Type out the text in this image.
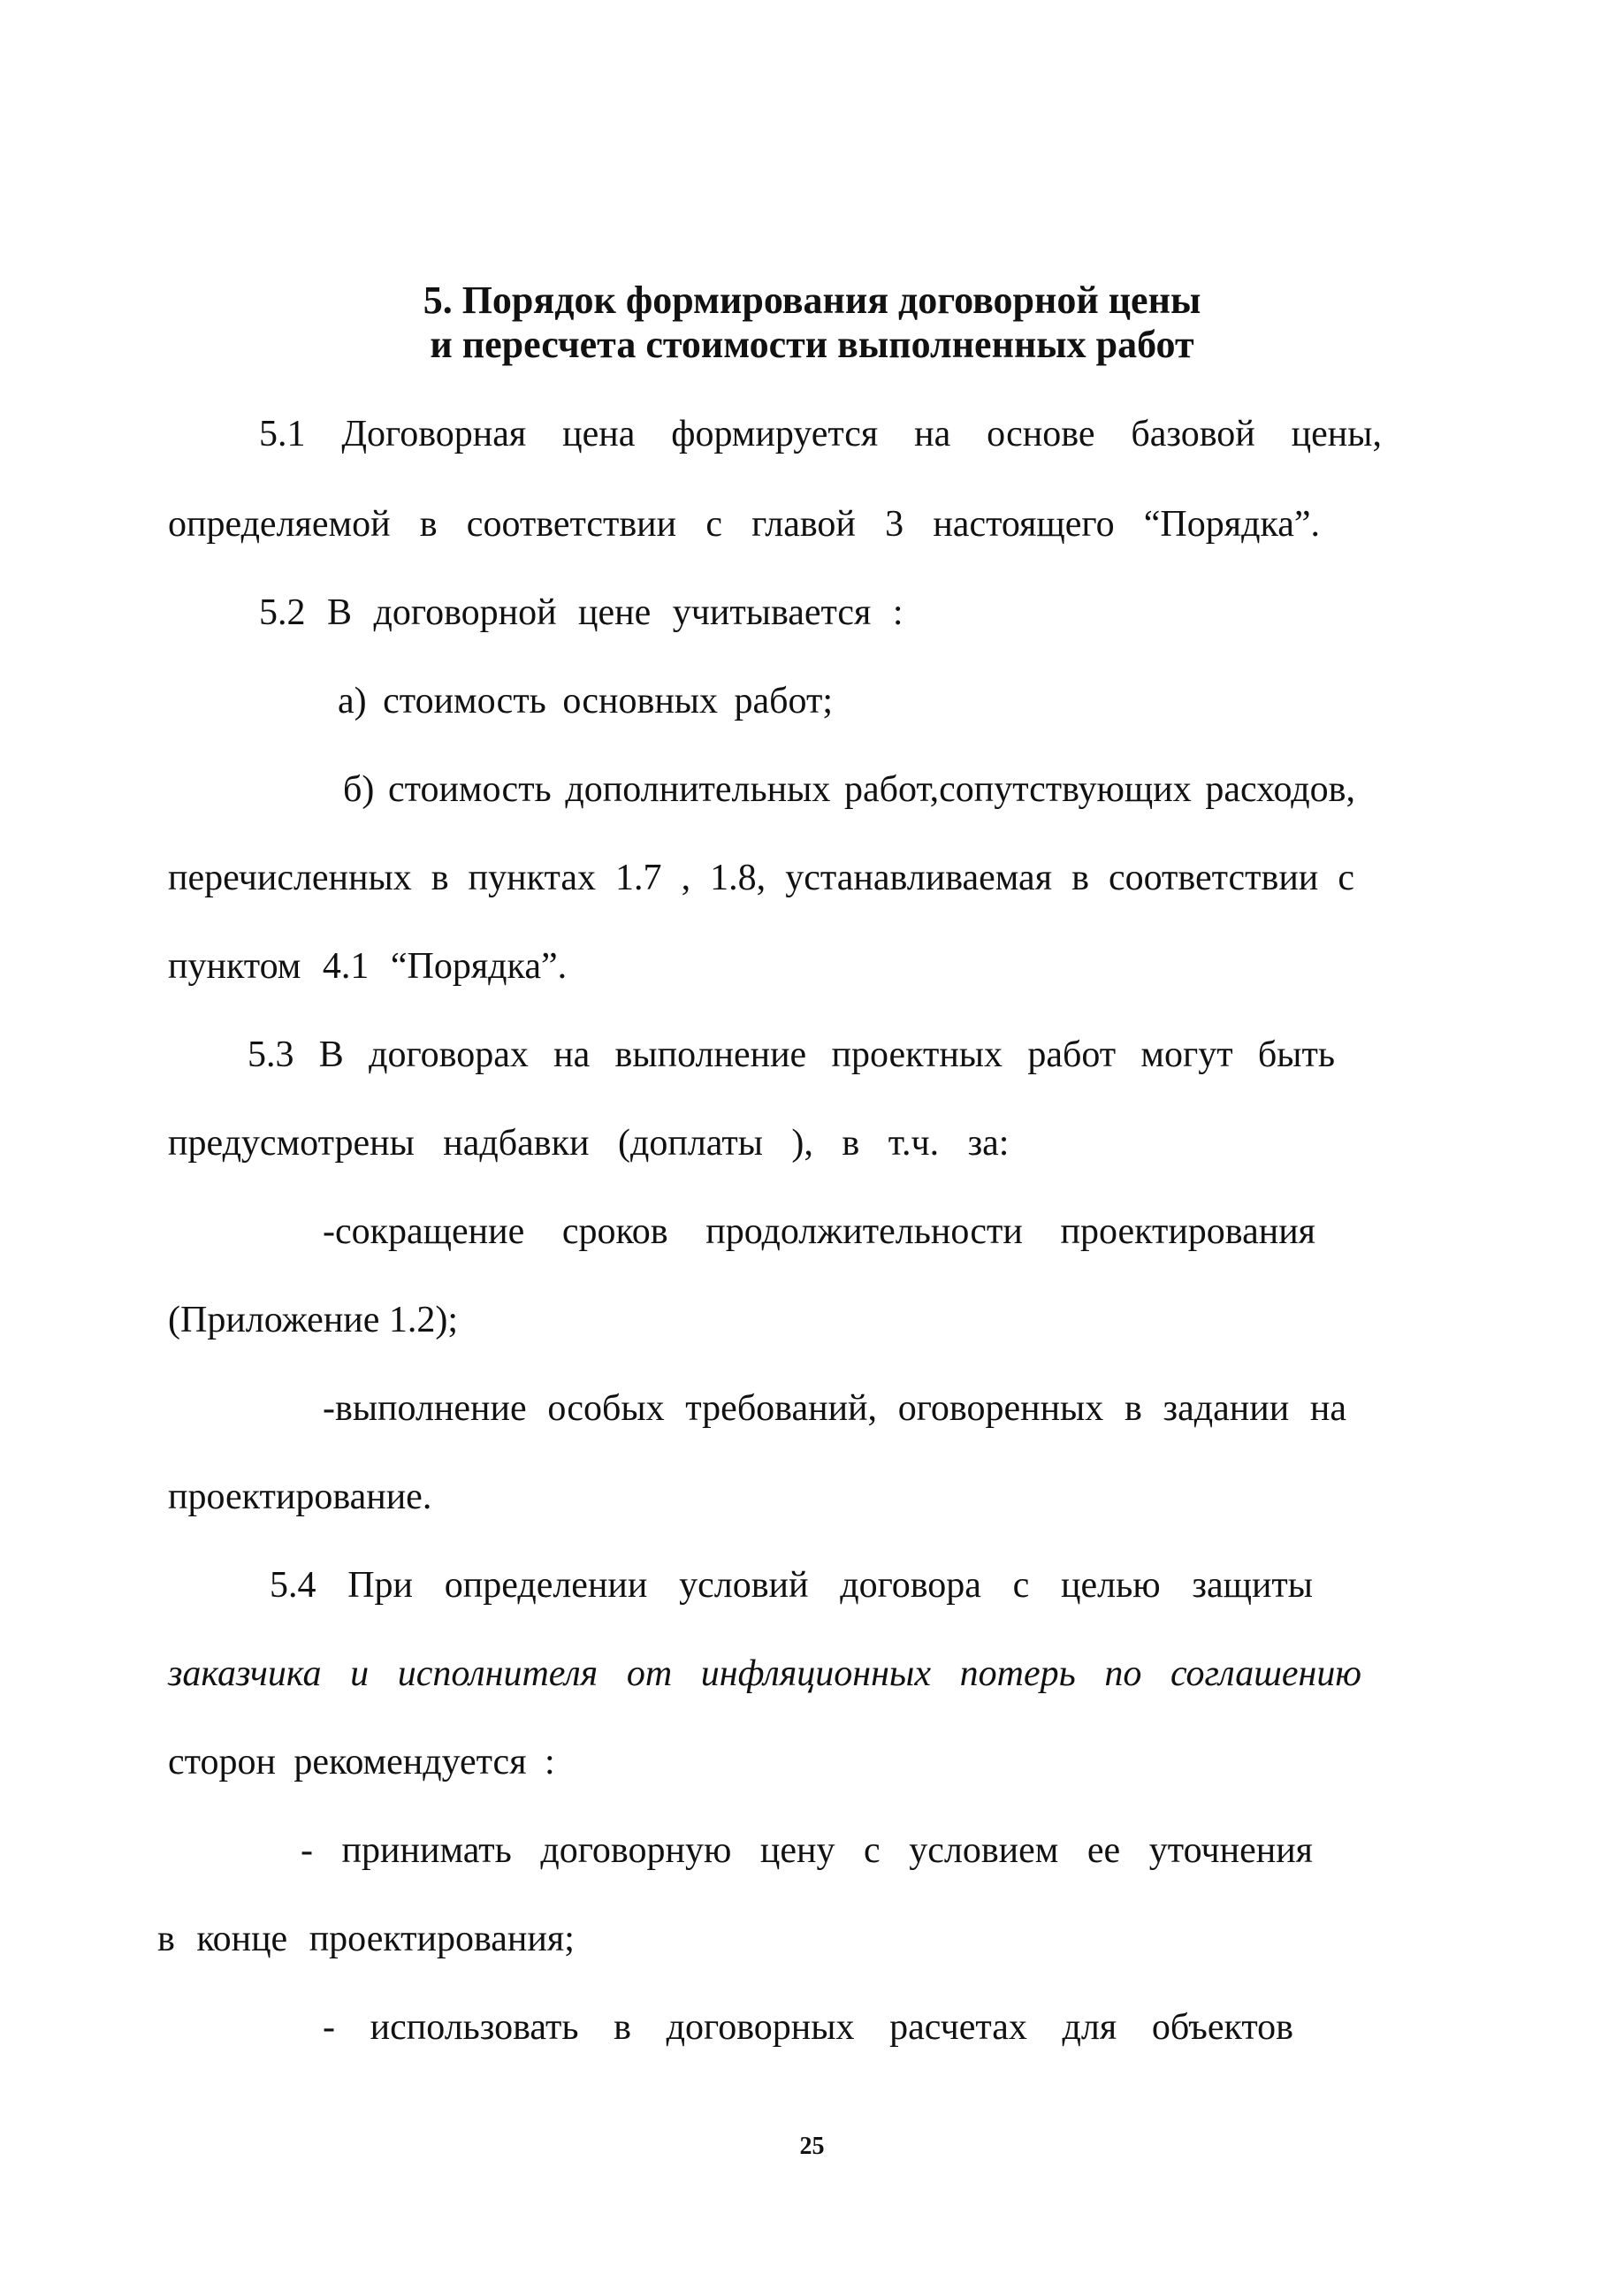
5. Порядок формирования договорной цены
и пересчета стоимости выполненных работ
5.1 Договорная цена формируется на основе базовой цены,
определяемой в соответствии с главой 3 настоящего “Порядка”.
5.2 В договорной цене учитывается :
а) стоимость основных работ;
б) стоимость дополнительных работ,сопутствующих расходов,
перечисленных в пунктах 1.7 , 1.8, устанавливаемая в соответствии с
пунктом 4.1 “Порядка”.
5.3 В договорах на выполнение проектных работ могут быть
предусмотрены надбавки (доплаты ), в т.ч. за:
-сокращение сроков продолжительности проектирования
(Приложение 1.2);
-выполнение особых требований, оговоренных в задании на
проектирование.
5.4 При определении условий договора с целью защиты
заказчика и исполнителя от инфляционных потерь по соглашению
сторон рекомендуется :
- принимать договорную цену с условием ее уточнения
в конце проектирования;
- использовать в договорных расчетах для объектов
25
